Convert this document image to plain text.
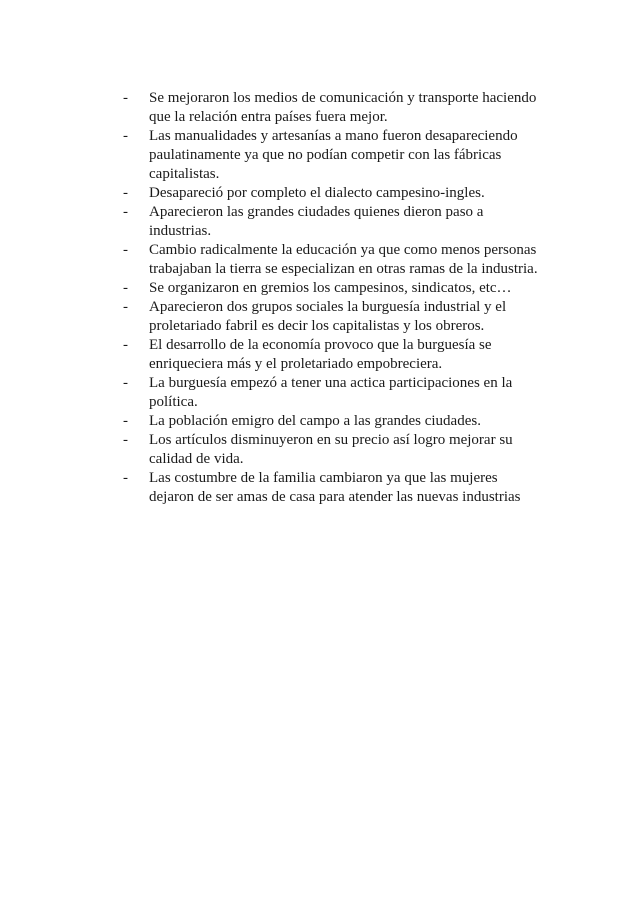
- Se mejoraron los medios de comunicación y transporte haciendo que la relación entra países fuera mejor.
- Las manualidades y artesanías a mano fueron desapareciendo paulatinamente ya que no podían competir con las fábricas capitalistas.
- Desapareció por completo el dialecto campesino-ingles.
- Aparecieron las grandes ciudades quienes dieron paso a industrias.
- Cambio radicalmente la educación ya que como menos personas trabajaban la tierra se especializan en otras ramas de la industria.
- Se organizaron en gremios los campesinos, sindicatos, etc…
- Aparecieron dos grupos sociales la burguesía industrial y el proletariado fabril es decir los capitalistas y los obreros.
- El desarrollo de la economía provoco que la burguesía se enriqueciera más y el proletariado empobreciera.
- La burguesía empezó a tener una actica participaciones en la política.
- La población emigro del campo a las grandes ciudades.
- Los artículos disminuyeron en su precio así logro mejorar su calidad de vida.
- Las costumbre de la familia cambiaron ya que las mujeres dejaron de ser amas de casa para atender las nuevas industrias
